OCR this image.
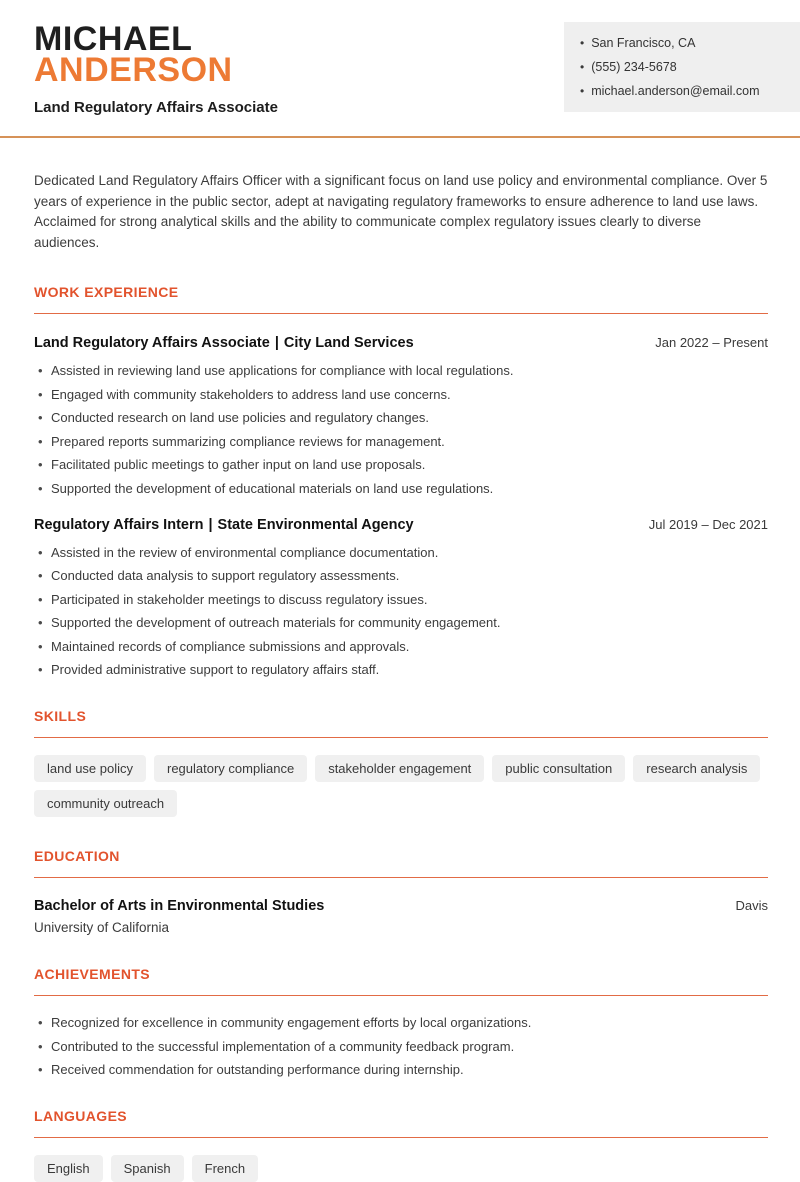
MICHAEL
ANDERSON
Land Regulatory Affairs Associate
• San Francisco, CA
• (555) 234-5678
• michael.anderson@email.com

Dedicated Land Regulatory Affairs Officer with a significant focus on land use policy and environmental compliance. Over 5 years of experience in the public sector, adept at navigating regulatory frameworks to ensure adherence to land use laws. Acclaimed for strong analytical skills and the ability to communicate complex regulatory issues clearly to diverse audiences.

WORK EXPERIENCE
Land Regulatory Affairs Associate | City Land Services	Jan 2022 – Present
• Assisted in reviewing land use applications for compliance with local regulations.
• Engaged with community stakeholders to address land use concerns.
• Conducted research on land use policies and regulatory changes.
• Prepared reports summarizing compliance reviews for management.
• Facilitated public meetings to gather input on land use proposals.
• Supported the development of educational materials on land use regulations.
Regulatory Affairs Intern | State Environmental Agency	Jul 2019 – Dec 2021
• Assisted in the review of environmental compliance documentation.
• Conducted data analysis to support regulatory assessments.
• Participated in stakeholder meetings to discuss regulatory issues.
• Supported the development of outreach materials for community engagement.
• Maintained records of compliance submissions and approvals.
• Provided administrative support to regulatory affairs staff.
SKILLS
land use policy	regulatory compliance	stakeholder engagement	public consultation	research analysis
community outreach
EDUCATION
Bachelor of Arts in Environmental Studies	Davis
University of California
ACHIEVEMENTS
• Recognized for excellence in community engagement efforts by local organizations.
• Contributed to the successful implementation of a community feedback program.
• Received commendation for outstanding performance during internship.
LANGUAGES
English	Spanish	French
